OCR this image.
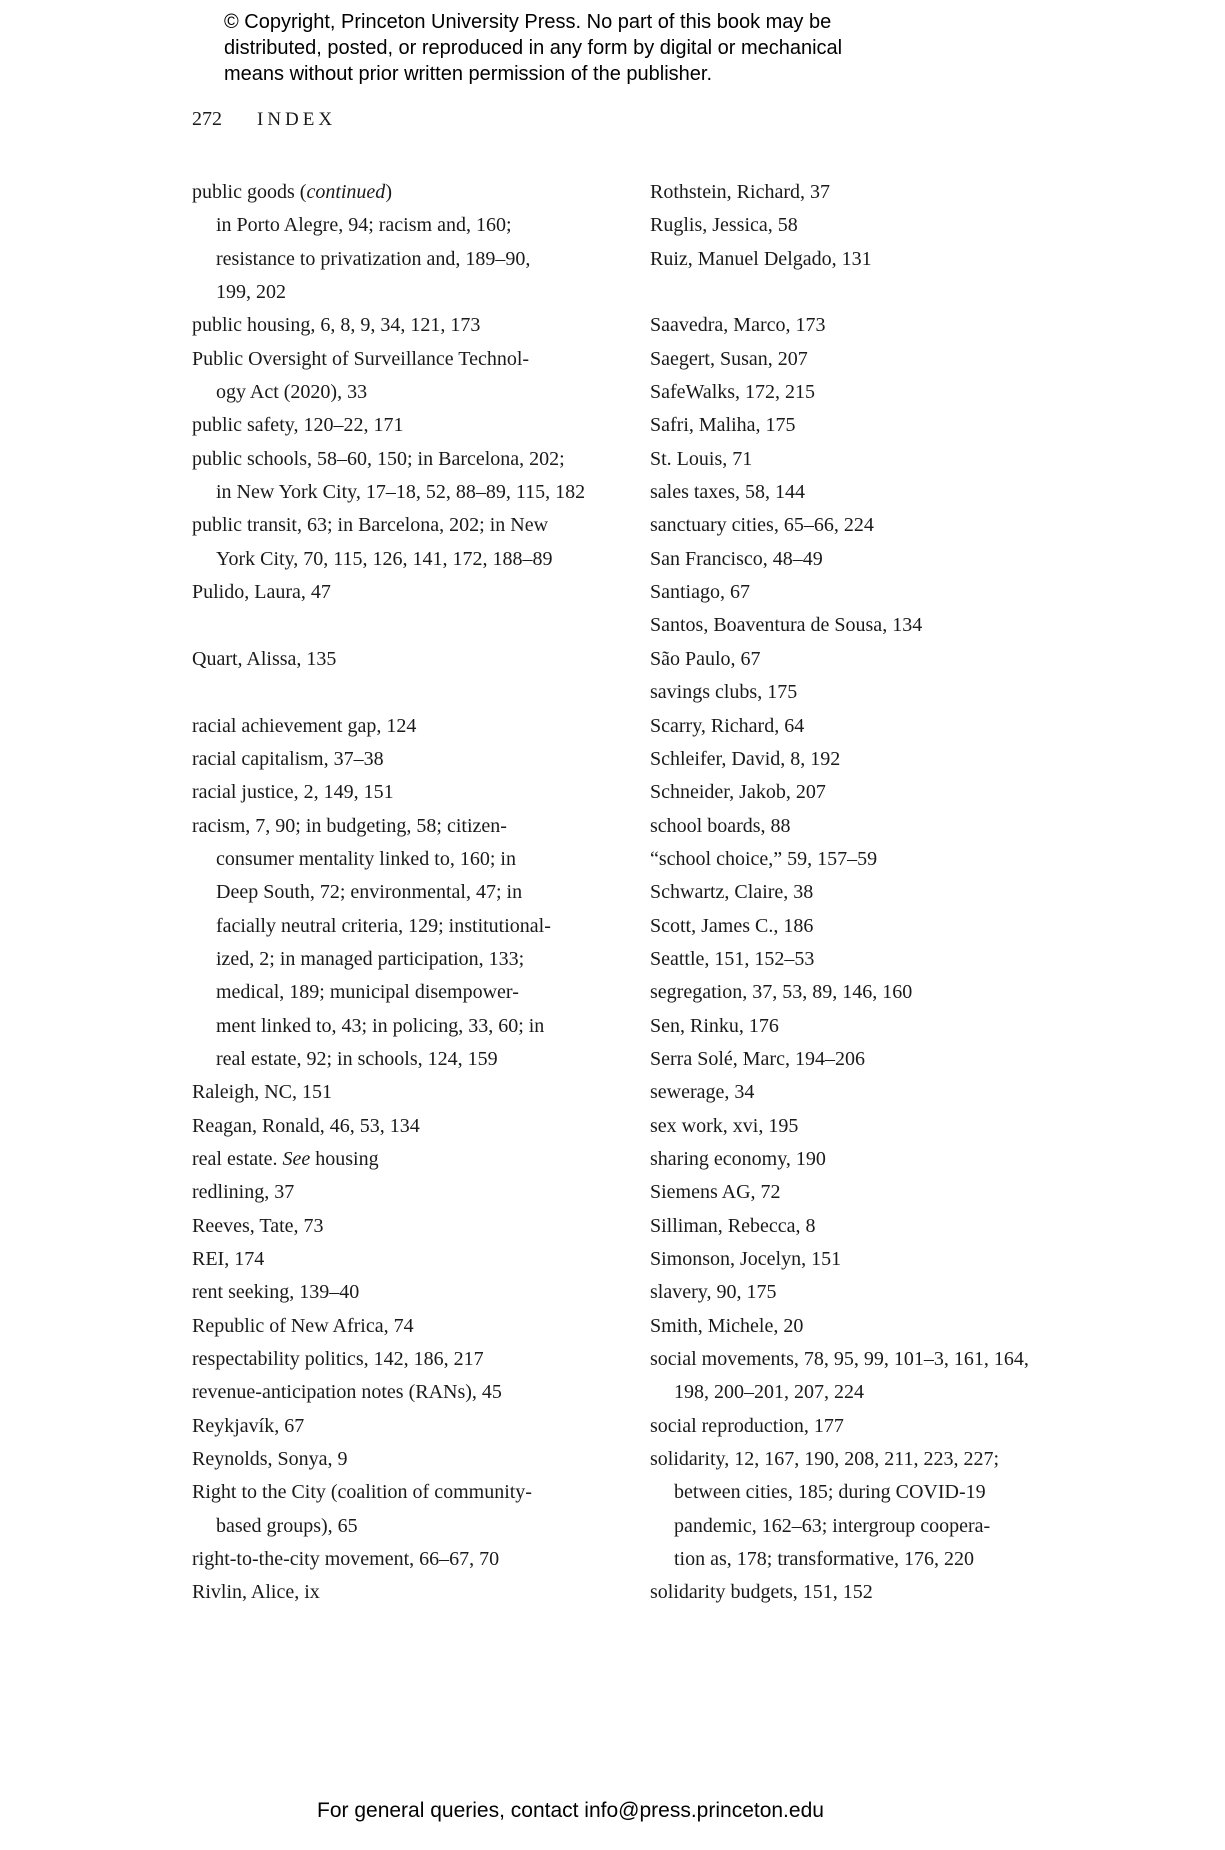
© Copyright, Princeton University Press. No part of this book may be
distributed, posted, or reproduced in any form by digital or mechanical
means without prior written permission of the publisher.
272 INDEX
public goods (continued)
in Porto Alegre, 94; racism and, 160;
resistance to privatization and, 189–90,
199, 202
public housing, 6, 8, 9, 34, 121, 173
Public Oversight of Surveillance Technol-
ogy Act (2020), 33
public safety, 120–22, 171
public schools, 58–60, 150; in Barcelona, 202;
in New York City, 17–18, 52, 88–89, 115, 182
public transit, 63; in Barcelona, 202; in New
York City, 70, 115, 126, 141, 172, 188–89
Pulido, Laura, 47
Quart, Alissa, 135
racial achievement gap, 124
racial capitalism, 37–38
racial justice, 2, 149, 151
racism, 7, 90; in budgeting, 58; citizen-
consumer mentality linked to, 160; in
Deep South, 72; environmental, 47; in
facially neutral criteria, 129; institutional-
ized, 2; in managed participation, 133;
medical, 189; municipal disempower-
ment linked to, 43; in policing, 33, 60; in
real estate, 92; in schools, 124, 159
Raleigh, NC, 151
Reagan, Ronald, 46, 53, 134
real estate. See housing
redlining, 37
Reeves, Tate, 73
REI, 174
rent seeking, 139–40
Republic of New Africa, 74
respectability politics, 142, 186, 217
revenue-anticipation notes (RANs), 45
Reykjavík, 67
Reynolds, Sonya, 9
Right to the City (coalition of community-
based groups), 65
right-to-the-city movement, 66–67, 70
Rivlin, Alice, ix
Rothstein, Richard, 37
Ruglis, Jessica, 58
Ruiz, Manuel Delgado, 131
Saavedra, Marco, 173
Saegert, Susan, 207
SafeWalks, 172, 215
Safri, Maliha, 175
St. Louis, 71
sales taxes, 58, 144
sanctuary cities, 65–66, 224
San Francisco, 48–49
Santiago, 67
Santos, Boaventura de Sousa, 134
São Paulo, 67
savings clubs, 175
Scarry, Richard, 64
Schleifer, David, 8, 192
Schneider, Jakob, 207
school boards, 88
“school choice,” 59, 157–59
Schwartz, Claire, 38
Scott, James C., 186
Seattle, 151, 152–53
segregation, 37, 53, 89, 146, 160
Sen, Rinku, 176
Serra Solé, Marc, 194–206
sewerage, 34
sex work, xvi, 195
sharing economy, 190
Siemens AG, 72
Silliman, Rebecca, 8
Simonson, Jocelyn, 151
slavery, 90, 175
Smith, Michele, 20
social movements, 78, 95, 99, 101–3, 161, 164,
198, 200–201, 207, 224
social reproduction, 177
solidarity, 12, 167, 190, 208, 211, 223, 227;
between cities, 185; during COVID-19
pandemic, 162–63; intergroup coopera-
tion as, 178; transformative, 176, 220
solidarity budgets, 151, 152
For general queries, contact info@press.princeton.edu
